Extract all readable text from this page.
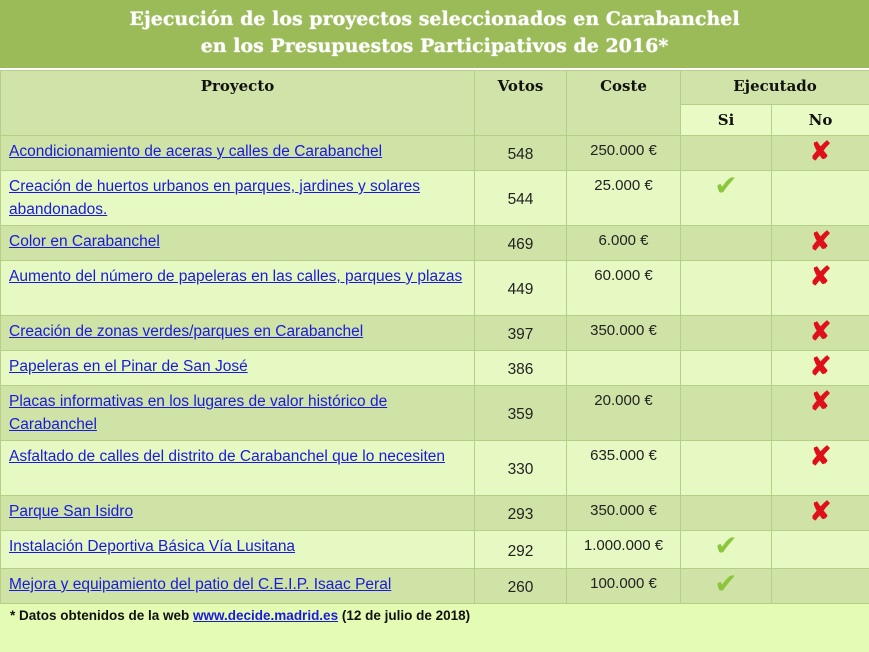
Ejecución de los proyectos seleccionados en Carabanchel
en los Presupuestos Participativos de 2016*
Proyecto	Votos	Coste	Ejecutado	
			Si	No
Acondicionamiento de aceras y calles de Carabanchel	548	250.000 €		✘
Creación de huertos urbanos en parques, jardines y solares abandonados.	544	25.000 €	✔	
Color en Carabanchel	469	6.000 €		✘
Aumento del número de papeleras en las calles, parques y plazas	449	60.000 €		✘
Creación de zonas verdes/parques en Carabanchel	397	350.000 €		✘
Papeleras en el Pinar de San José	386			✘
Placas informativas en los lugares de valor histórico de Carabanchel	359	20.000 €		✘
Asfaltado de calles del distrito de Carabanchel que lo necesiten	330	635.000 €		✘
Parque San Isidro	293	350.000 €		✘
Instalación Deportiva Básica Vía Lusitana	292	1.000.000 €	✔	
Mejora y equipamiento del patio del C.E.I.P. Isaac Peral	260	100.000 €	✔	
* Datos obtenidos de la web www.decide.madrid.es (12 de julio de 2018)
